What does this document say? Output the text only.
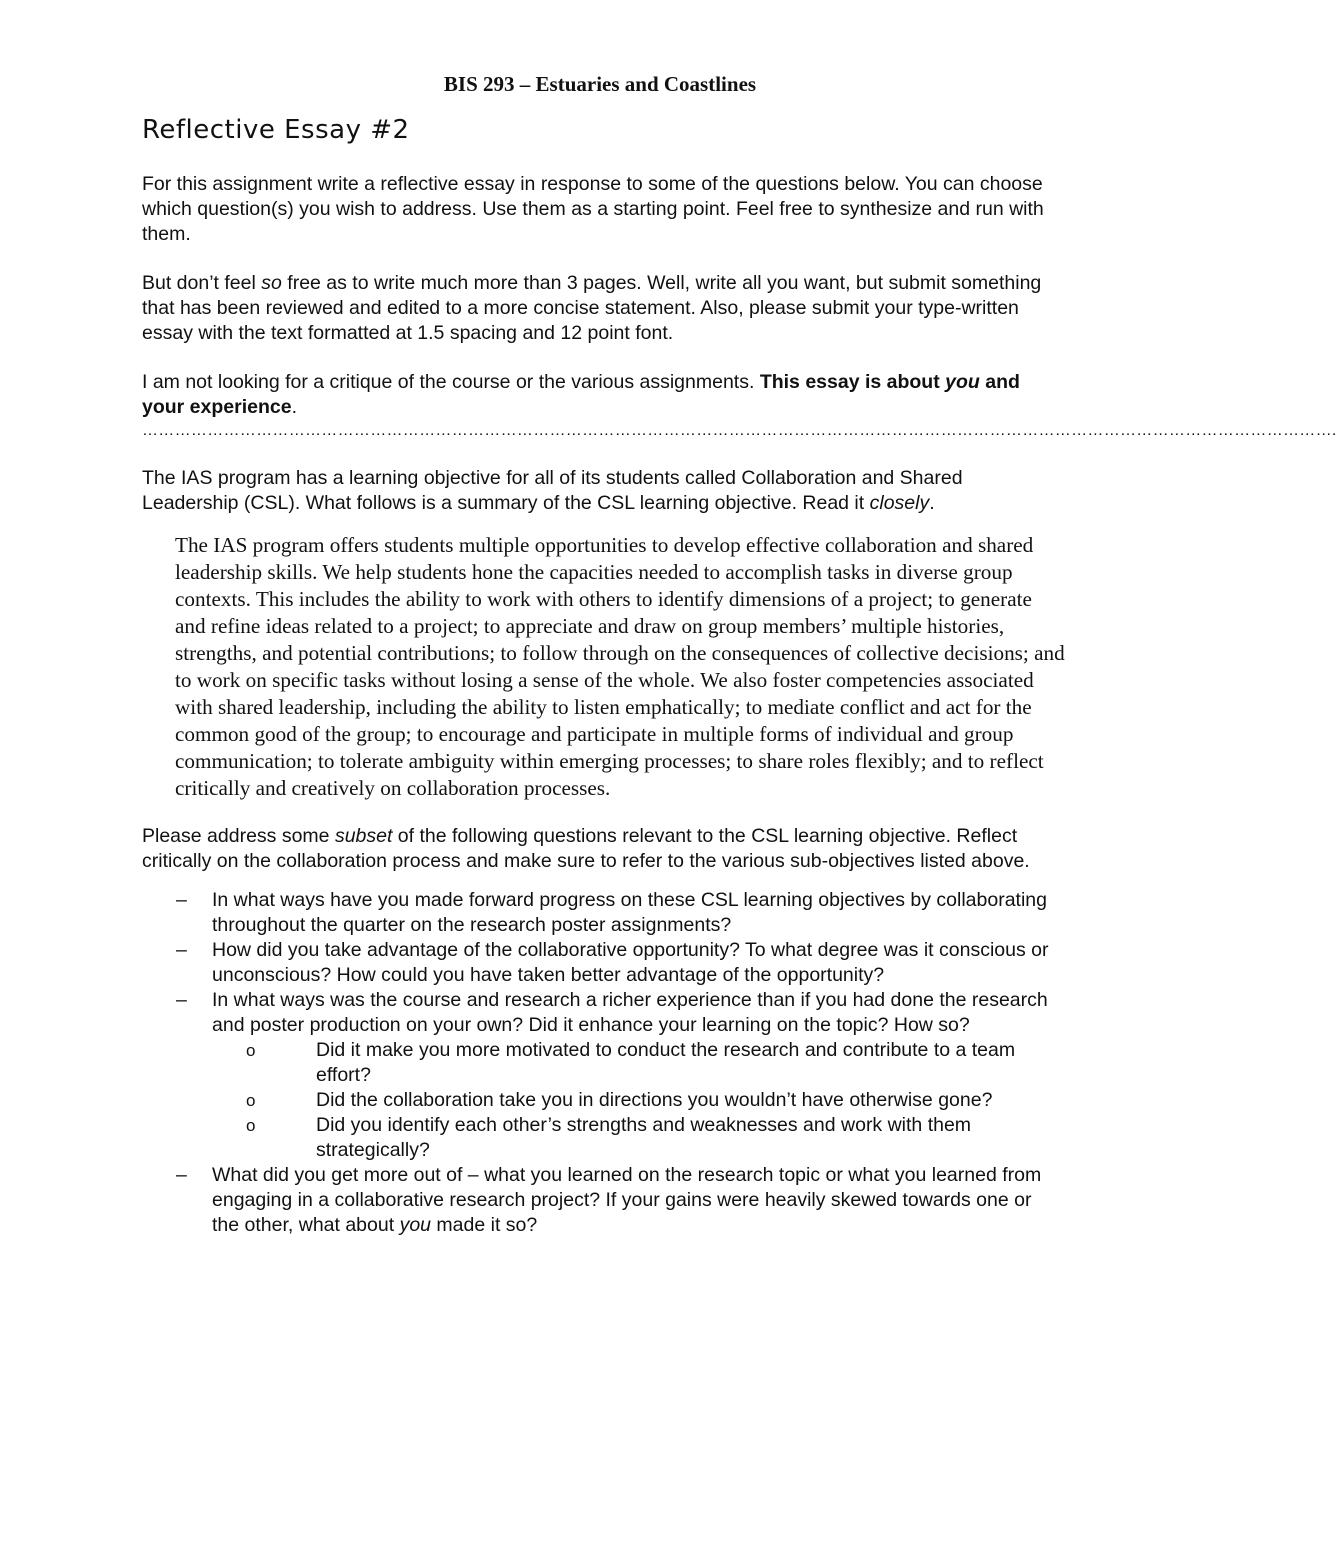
BIS 293 – Estuaries and Coastlines
Reflective Essay #2

For this assignment write a reflective essay in response to some of the questions below. You can choose which question(s) you wish to address. Use them as a starting point. Feel free to synthesize and run with them.

But don’t feel so free as to write much more than 3 pages. Well, write all you want, but submit something that has been reviewed and edited to a more concise statement. Also, please submit your type-written essay with the text formatted at 1.5 spacing and 12 point font.

I am not looking for a critique of the course or the various assignments. This essay is about you and your experience.

………………………………………………………………………………………………………………………………………………………………………………………………….

The IAS program has a learning objective for all of its students called Collaboration and Shared Leadership (CSL). What follows is a summary of the CSL learning objective. Read it closely.

The IAS program offers students multiple opportunities to develop effective collaboration and shared leadership skills. We help students hone the capacities needed to accomplish tasks in diverse group contexts. This includes the ability to work with others to identify dimensions of a project; to generate and refine ideas related to a project; to appreciate and draw on group members’ multiple histories, strengths, and potential contributions; to follow through on the consequences of collective decisions; and to work on specific tasks without losing a sense of the whole. We also foster competencies associated with shared leadership, including the ability to listen emphatically; to mediate conflict and act for the common good of the group; to encourage and participate in multiple forms of individual and group communication; to tolerate ambiguity within emerging processes; to share roles flexibly; and to reflect critically and creatively on collaboration processes.

Please address some subset of the following questions relevant to the CSL learning objective. Reflect critically on the collaboration process and make sure to refer to the various sub-objectives listed above.

– In what ways have you made forward progress on these CSL learning objectives by collaborating throughout the quarter on the research poster assignments?
– How did you take advantage of the collaborative opportunity? To what degree was it conscious or unconscious? How could you have taken better advantage of the opportunity?
– In what ways was the course and research a richer experience than if you had done the research and poster production on your own? Did it enhance your learning on the topic? How so?
o	Did it make you more motivated to conduct the research and contribute to a team effort?
o	Did the collaboration take you in directions you wouldn’t have otherwise gone?
o	Did you identify each other’s strengths and weaknesses and work with them strategically?
– What did you get more out of – what you learned on the research topic or what you learned from engaging in a collaborative research project? If your gains were heavily skewed towards one or the other, what about you made it so?
